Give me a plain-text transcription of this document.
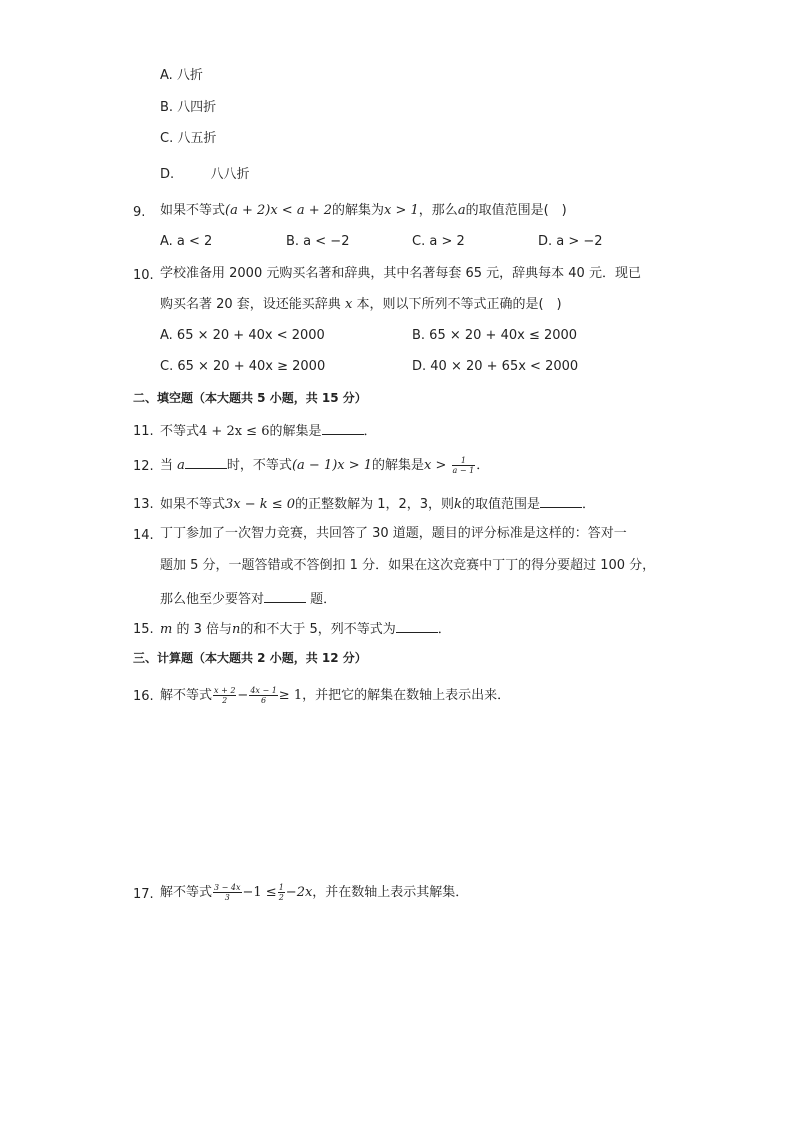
A. 八折
B. 八四折
C. 八五折
D.	八八折
9. 如果不等式(a + 2)x < a + 2的解集为x > 1，那么a的取值范围是(　)
A. a < 2	B. a < −2	C. a > 2	D. a > −2
10. 学校准备用 2000 元购买名著和辞典，其中名著每套 65 元，辞典每本 40 元．现已
购买名著 20 套，设还能买辞典 x 本，则以下所列不等式正确的是(　)
A. 65 × 20 + 40x < 2000	B. 65 × 20 + 40x ≤ 2000
C. 65 × 20 + 40x ≥ 2000	D. 40 × 20 + 65x < 2000
二、填空题（本大题共 5 小题，共 15 分）
11. 不等式4 + 2x ≤ 6的解集是	．
12. 当 a	时，不等式(a − 1)x > 1的解集是$x > \frac{1}{a - 1}$ ．
13. 如果不等式3x − k ≤ 0的正整数解为 1，2，3，则k的取值范围是	．
14. 丁丁参加了一次智力竞赛，共回答了 30 道题，题目的评分标准是这样的：答对一
题加 5 分，一题答错或不答倒扣 1 分．如果在这次竞赛中丁丁的得分要超过 100 分，
那么他至少要答对	题．
15. m 的 3 倍与n的和不大于 5，列不等式为	．
三、计算题（本大题共 2 小题，共 12 分）
16. 解不等式 $\frac{x + 2}{2} - \frac{4x - 1}{6} \ge 1$，并把它的解集在数轴上表示出来．
17. 解不等式 $\frac{3 - 4x}{3} -1 \le \frac{1}{2} -2x$，并在数轴上表示其解集．
